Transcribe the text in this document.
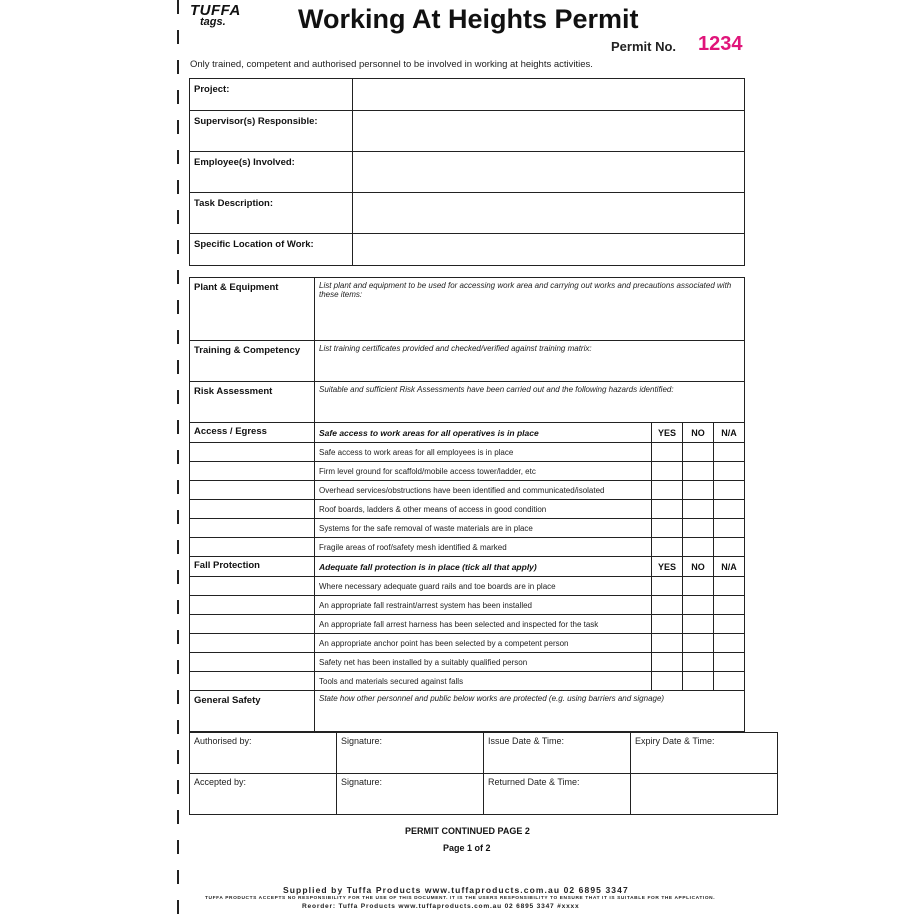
TUFFA
tags.	Working At Heights Permit
Permit No. 1234
Only trained, competent and authorised personnel to be involved in working at heights activities.
Project:	
Supervisor(s) Responsible:	
Employee(s) Involved:	
Task Description:	
Specific Location of Work:	
Plant & Equipment	List plant and equipment to be used for accessing work area and carrying out works and precautions associated with these items:			
Training & Competency	List training certificates provided and checked/verified against training matrix:			
Risk Assessment	Suitable and sufficient Risk Assessments have been carried out and the following hazards identified:			
Access / Egress	Safe access to work areas for all operatives is in place	YES	NO	N/A
	Safe access to work areas for all employees is in place			
	Firm level ground for scaffold/mobile access tower/ladder, etc			
	Overhead services/obstructions have been identified and communicated/isolated			
	Roof boards, ladders & other means of access in good condition			
	Systems for the safe removal of waste materials are in place			
	Fragile areas of roof/safety mesh identified & marked			
Fall Protection	Adequate fall protection is in place (tick all that apply)	YES	NO	N/A
	Where necessary adequate guard rails and toe boards are in place			
	An appropriate fall restraint/arrest system has been installed			
	An appropriate fall arrest harness has been selected and inspected for the task			
	An appropriate anchor point has been selected by a competent person			
	Safety net has been installed by a suitably qualified person			
	Tools and materials secured against falls			
General Safety	State how other personnel and public below works are protected (e.g. using barriers and signage)			
Authorised by:	Signature:	Issue Date & Time:	Expiry Date & Time:
Accepted by:	Signature:	Returned Date & Time:	
PERMIT CONTINUED PAGE 2
Page 1 of 2
Supplied by Tuffa Products www.tuffaproducts.com.au 02 6895 3347
TUFFA PRODUCTS ACCEPTS NO RESPONSIBILITY FOR THE USE OF THIS DOCUMENT. IT IS THE USERS RESPONSIBILITY TO ENSURE THAT IT IS SUITABLE FOR THE APPLICATION.
Reorder: Tuffa Products www.tuffaproducts.com.au 02 6895 3347 #xxxx
